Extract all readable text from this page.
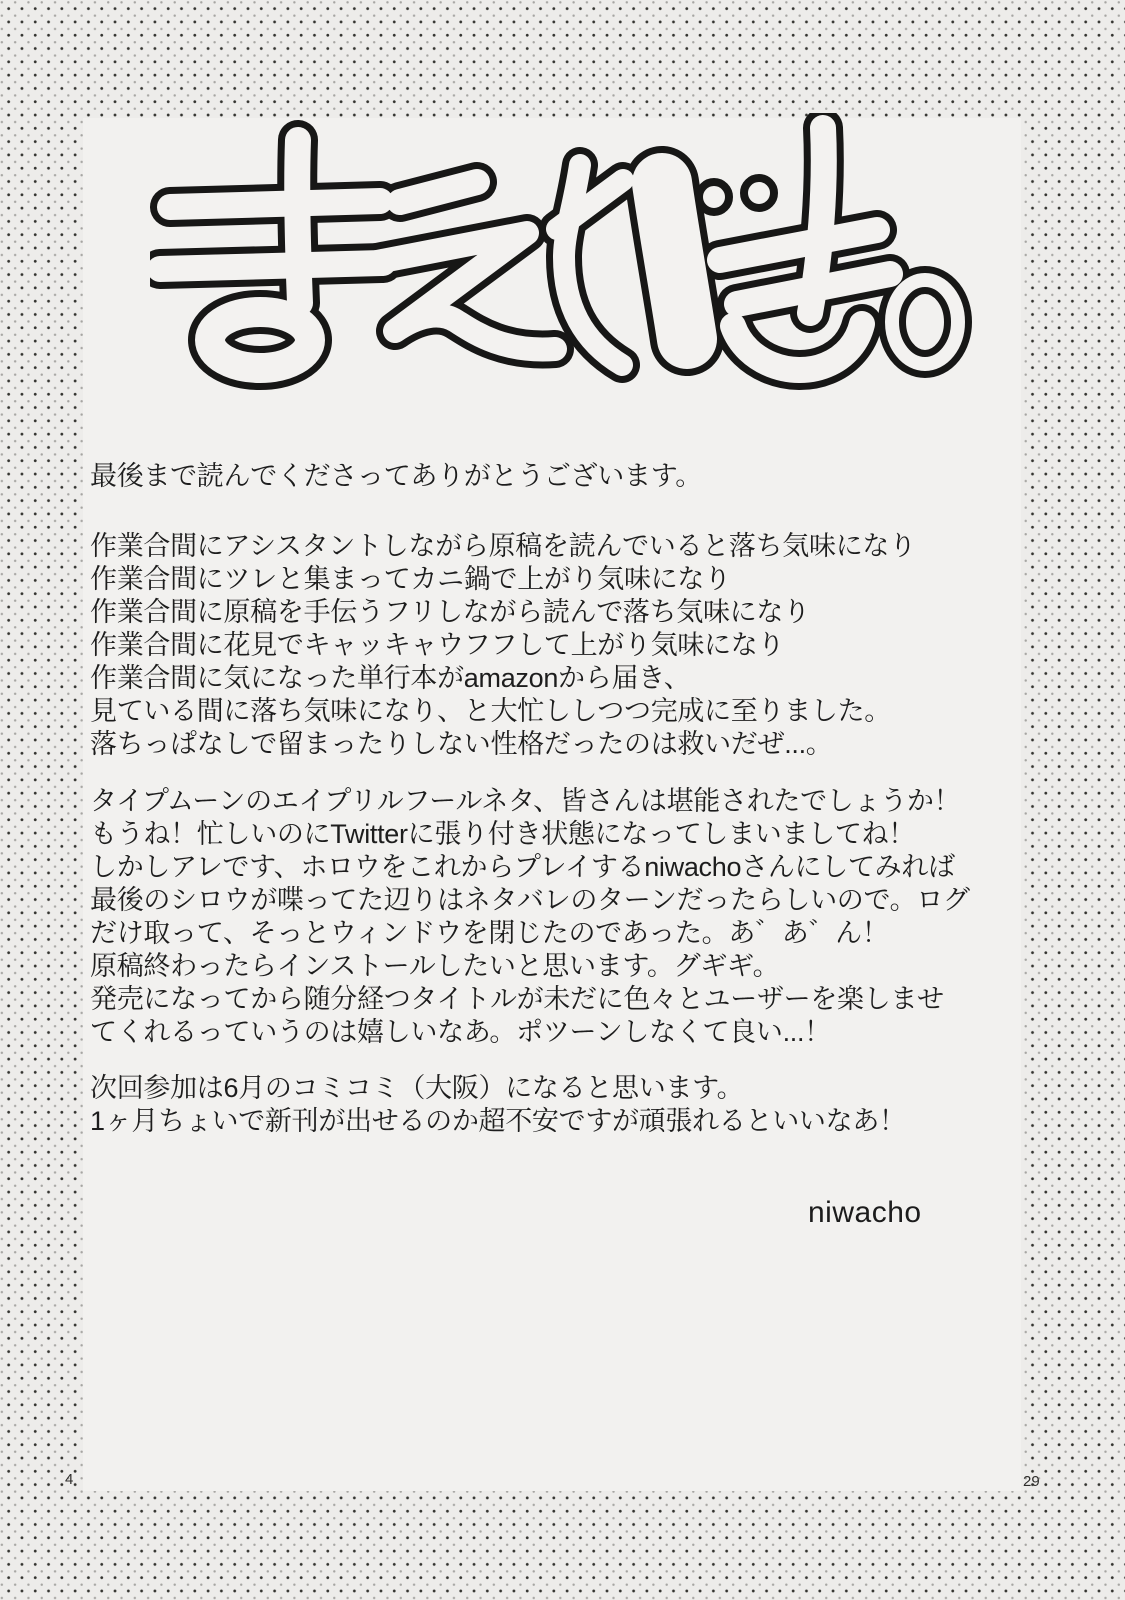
最後まで読んでくださってありがとうございます。
作業合間にアシスタントしながら原稿を読んでいると落ち気味になり
作業合間にツレと集まってカニ鍋で上がり気味になり
作業合間に原稿を手伝うフリしながら読んで落ち気味になり
作業合間に花見でキャッキャウフフして上がり気味になり
作業合間に気になった単行本がamazonから届き、
見ている間に落ち気味になり、と大忙ししつつ完成に至りました。
落ちっぱなしで留まったりしない性格だったのは救いだぜ...。
タイプムーンのエイプリルフールネタ、皆さんは堪能されたでしょうか！
もうね！忙しいのにTwitterに張り付き状態になってしまいましてね！
しかしアレです、ホロウをこれからプレイするniwachoさんにしてみれば
最後のシロウが喋ってた辺りはネタバレのターンだったらしいので。ログ
だけ取って、そっとウィンドウを閉じたのであった。あ゛あ゛ん！
原稿終わったらインストールしたいと思います。グギギ。
発売になってから随分経つタイトルが未だに色々とユーザーを楽しませ
てくれるっていうのは嬉しいなあ。ポツーンしなくて良い...！
次回参加は6月のコミコミ（大阪）になると思います。
1ヶ月ちょいで新刊が出せるのか超不安ですが頑張れるといいなあ！
niwacho
4	29
